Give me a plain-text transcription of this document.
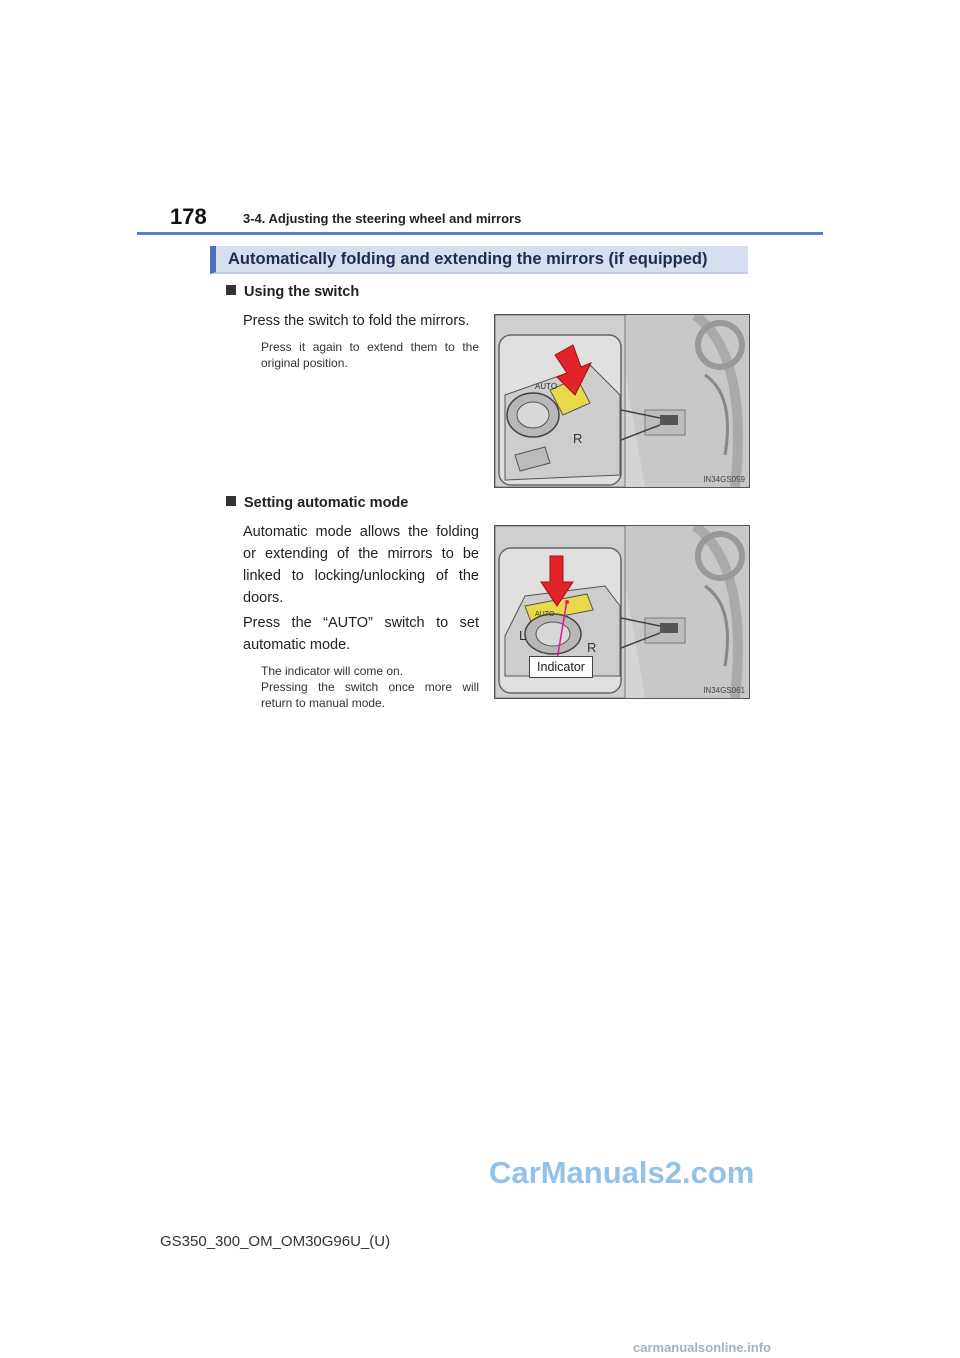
178	3-4. Adjusting the steering wheel and mirrors
Automatically folding and extending the mirrors (if equipped)
Using the switch
Press the switch to fold the mirrors.
Press it again to extend them to the original position.
AUTO
R
IN34GS059
Setting automatic mode
Automatic mode allows the folding or extending of the mirrors to be linked to locking/unlocking of the doors.
Press the “AUTO” switch to set automatic mode.
The indicator will come on.
Pressing the switch once more will return to manual mode.
AUTO
L
R
Indicator
IN34GS061
CarManuals2.com
GS350_300_OM_OM30G96U_(U)
carmanualsonline.info
